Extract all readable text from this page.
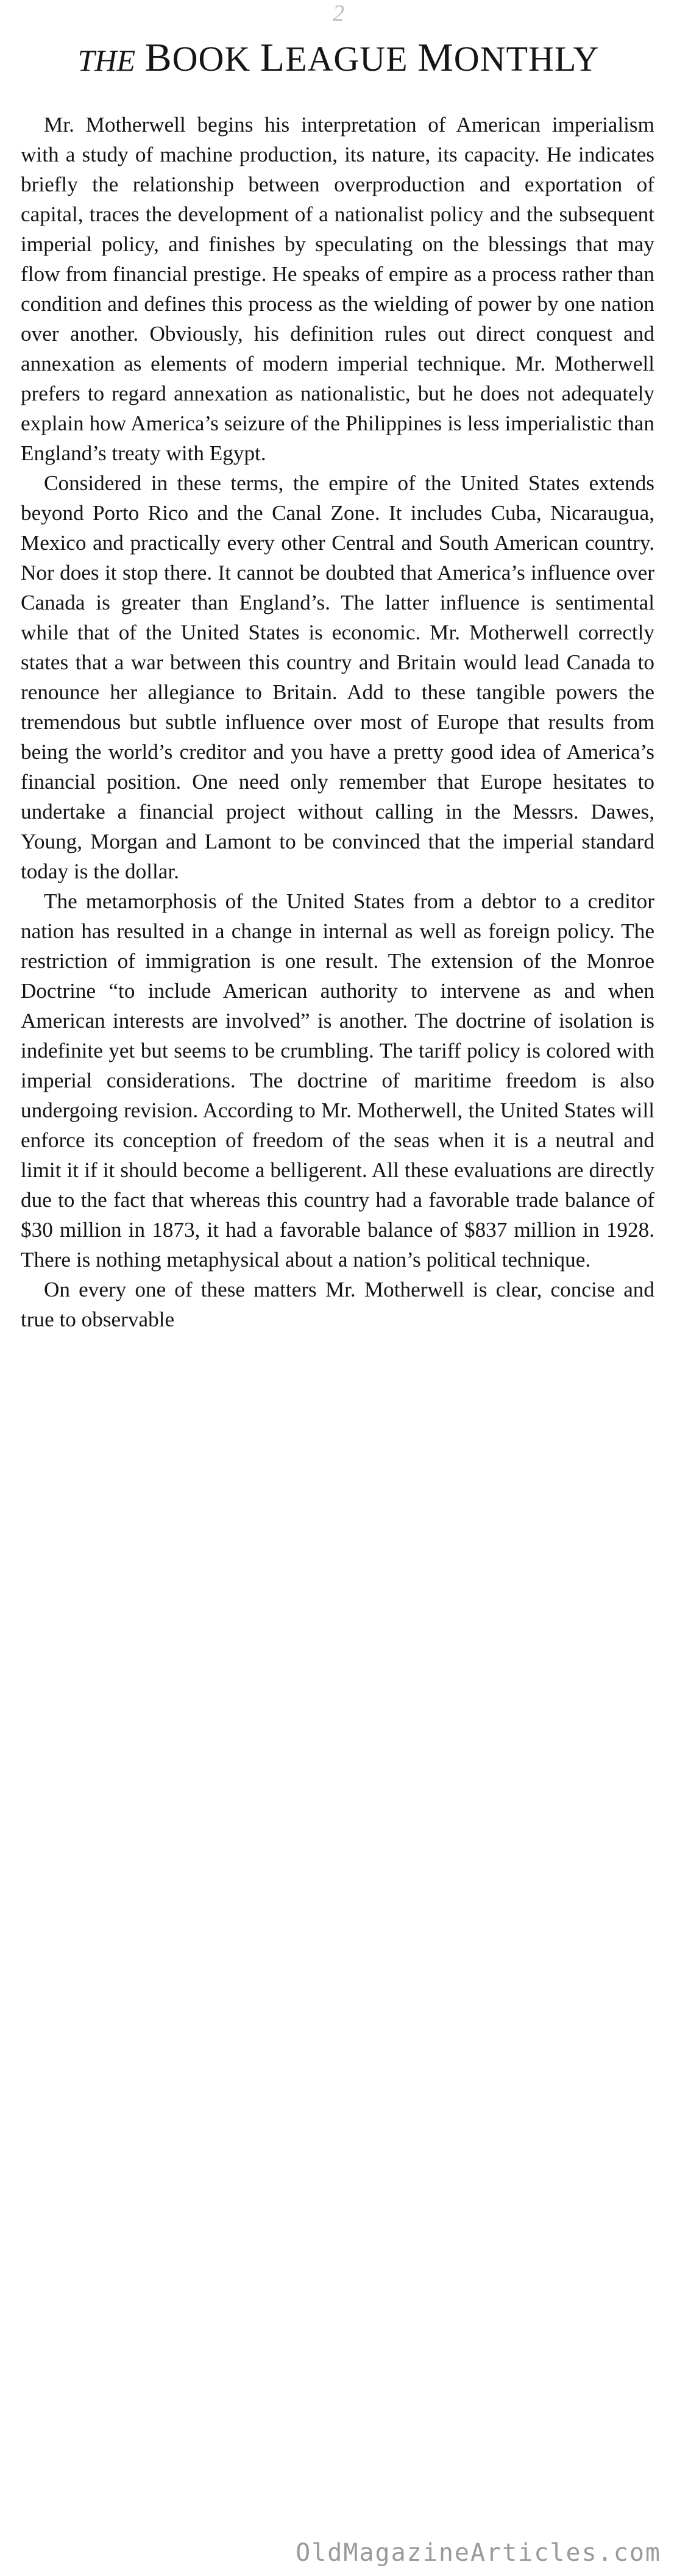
2
THE BOOK LEAGUE MONTHLY

Mr. Motherwell begins his interpretation of American imperialism with a study of machine production, its nature, its capacity. He indicates briefly the relationship between overproduction and exportation of capital, traces the development of a nationalist policy and the subsequent imperial policy, and finishes by speculating on the blessings that may flow from financial prestige. He speaks of empire as a process rather than condition and defines this process as the wielding of power by one nation over another. Obviously, his definition rules out direct conquest and annexation as elements of modern imperial technique. Mr. Motherwell prefers to regard annexation as nationalistic, but he does not adequately explain how America’s seizure of the Philippines is less imperialistic than England’s treaty with Egypt.

Considered in these terms, the empire of the United States extends beyond Porto Rico and the Canal Zone. It includes Cuba, Nicaraugua, Mexico and practically every other Central and South American country. Nor does it stop there. It cannot be doubted that America’s influence over Canada is greater than England’s. The latter influence is sentimental while that of the United States is economic. Mr. Motherwell correctly states that a war between this country and Britain would lead Canada to renounce her allegiance to Britain. Add to these tangible powers the tremendous but subtle influence over most of Europe that results from being the world’s creditor and you have a pretty good idea of America’s financial position. One need only remember that Europe hesitates to undertake a financial project without calling in the Messrs. Dawes, Young, Morgan and Lamont to be convinced that the imperial standard today is the dollar.

The metamorphosis of the United States from a debtor to a creditor nation has resulted in a change in internal as well as foreign policy. The restriction of immigration is one result. The extension of the Monroe Doctrine “to include American authority to intervene as and when American interests are involved” is another. The doctrine of isolation is indefinite yet but seems to be crumbling. The tariff policy is colored with imperial considerations. The doctrine of maritime freedom is also undergoing revision. According to Mr. Motherwell, the United States will enforce its conception of freedom of the seas when it is a neutral and limit it if it should become a belligerent. All these evaluations are directly due to the fact that whereas this country had a favorable trade balance of $30 million in 1873, it had a favorable balance of $837 million in 1928. There is nothing metaphysical about a nation’s political technique.

On every one of these matters Mr. Motherwell is clear, concise and true to observable

OldMagazineArticles.com
